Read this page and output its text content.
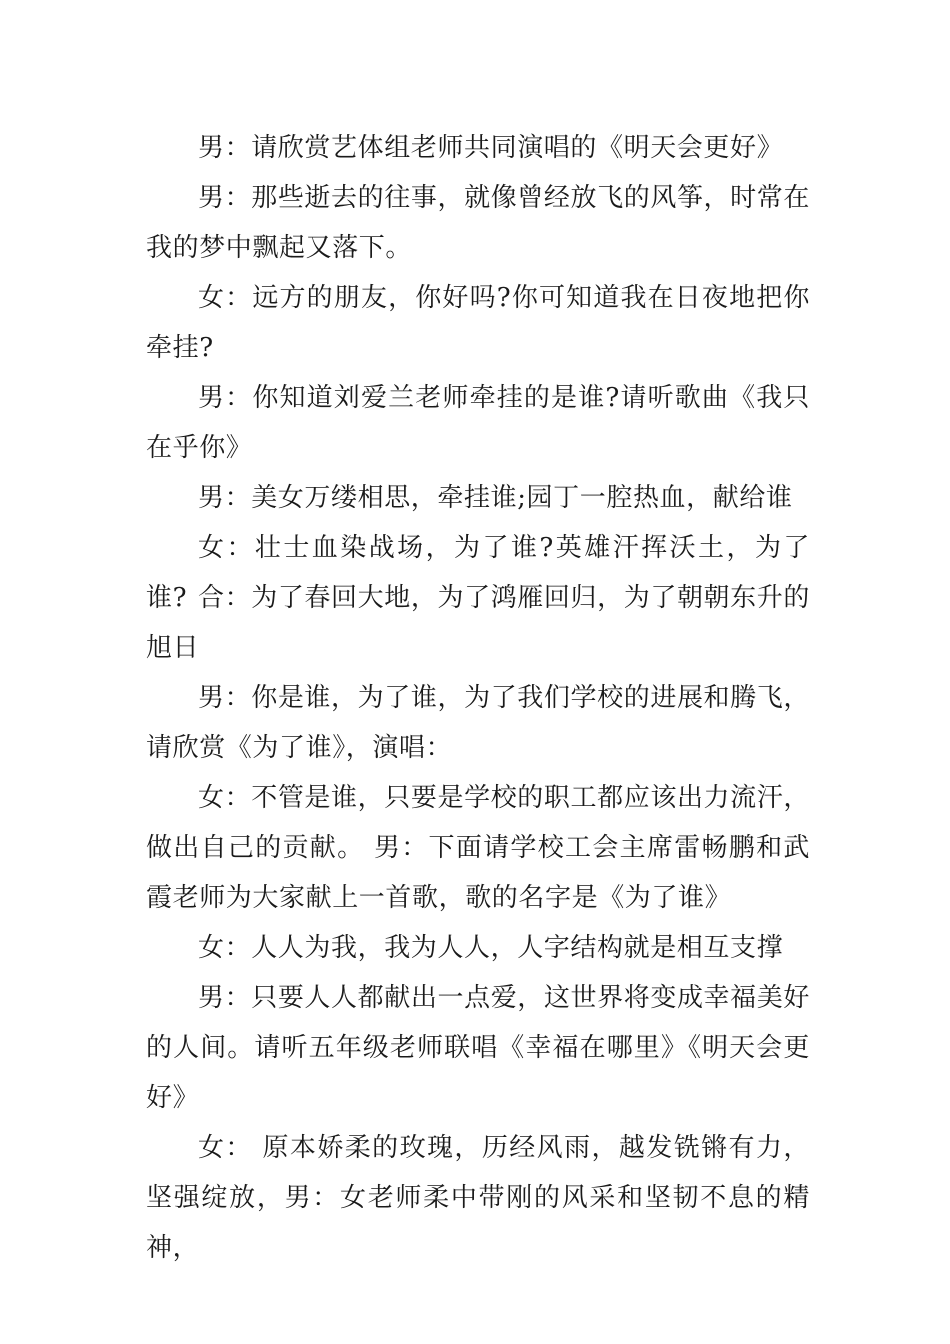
男：请欣赏艺体组老师共同演唱的《明天会更好》

男：那些逝去的往事，就像曾经放飞的风筝，时常在我的梦中飘起又落下。

女：远方的朋友，你好吗?你可知道我在日夜地把你牵挂?

男：你知道刘爱兰老师牵挂的是谁?请听歌曲《我只在乎你》

男：美女万缕相思，牵挂谁;园丁一腔热血，献给谁

女：壮士血染战场，为了谁?英雄汗挥沃土，为了谁? 合：为了春回大地，为了鸿雁回归，为了朝朝东升的旭日

男：你是谁，为了谁，为了我们学校的进展和腾飞，请欣赏《为了谁》，演唱：

女：不管是谁，只要是学校的职工都应该出力流汗，做出自己的贡献。 男：下面请学校工会主席雷畅鹏和武霞老师为大家献上一首歌，歌的名字是《为了谁》

女：人人为我，我为人人，人字结构就是相互支撑

男：只要人人都献出一点爱，这世界将变成幸福美好的人间。请听五年级老师联唱《幸福在哪里》《明天会更好》

女： 原本娇柔的玫瑰，历经风雨，越发铣锵有力，坚强绽放，男：女老师柔中带刚的风采和坚韧不息的精神，
